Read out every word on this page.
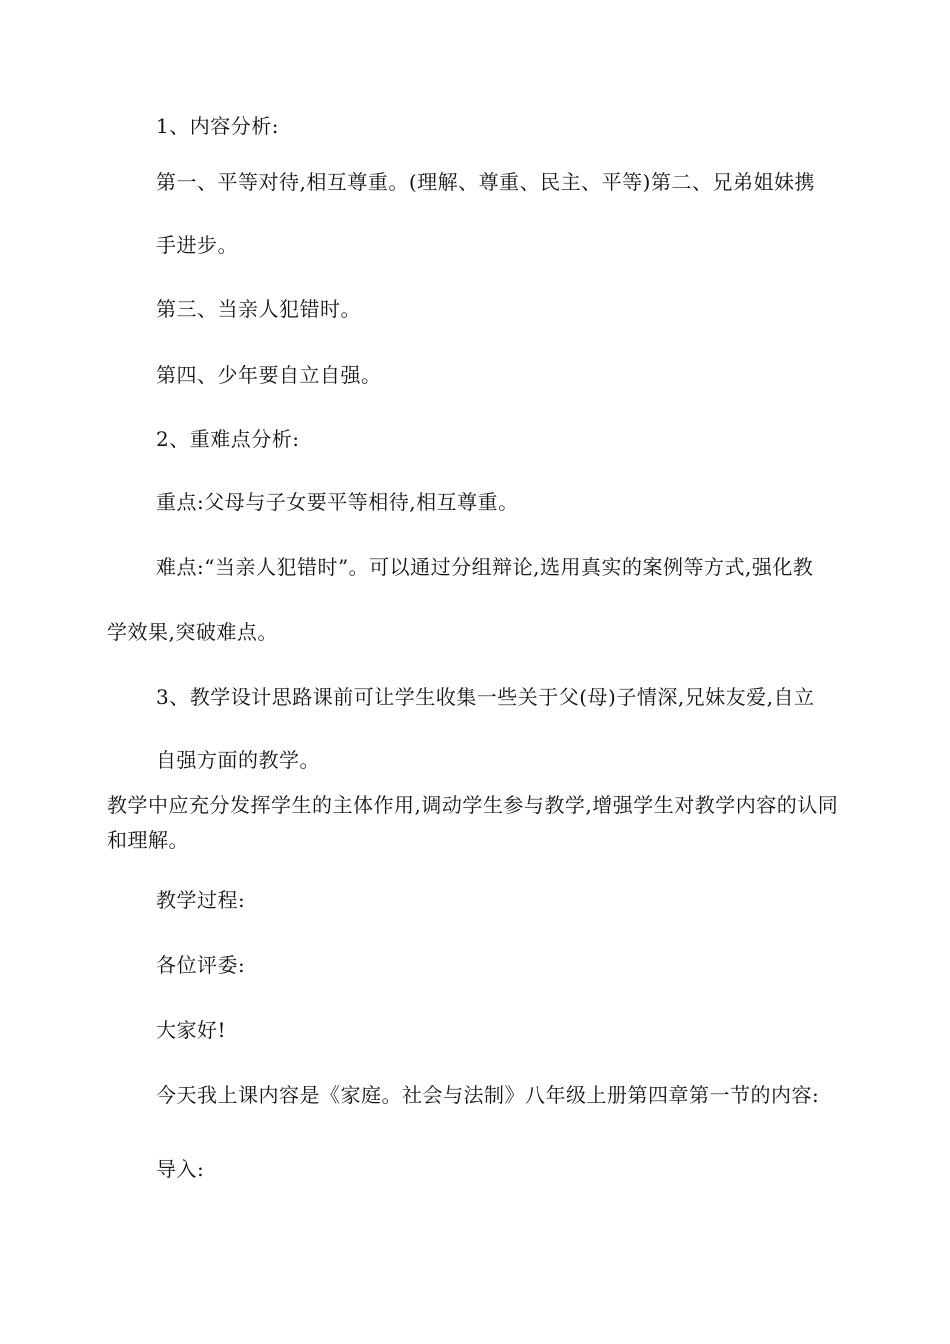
1、内容分析:
第一、平等对待,相互尊重。(理解、尊重、民主、平等)第二、兄弟姐妹携
手进步。
第三、当亲人犯错时。
第四、少年要自立自强。
2、重难点分析:
重点:父母与子女要平等相待,相互尊重。
难点:“当亲人犯错时”。可以通过分组辩论,选用真实的案例等方式,强化教
学效果,突破难点。
3、教学设计思路课前可让学生收集一些关于父(母)子情深,兄妹友爱,自立
自强方面的教学。
教学中应充分发挥学生的主体作用,调动学生参与教学,增强学生对教学内容的认同
和理解。
教学过程:
各位评委:
大家好!
今天我上课内容是《家庭。社会与法制》八年级上册第四章第一节的内容:
导入:
